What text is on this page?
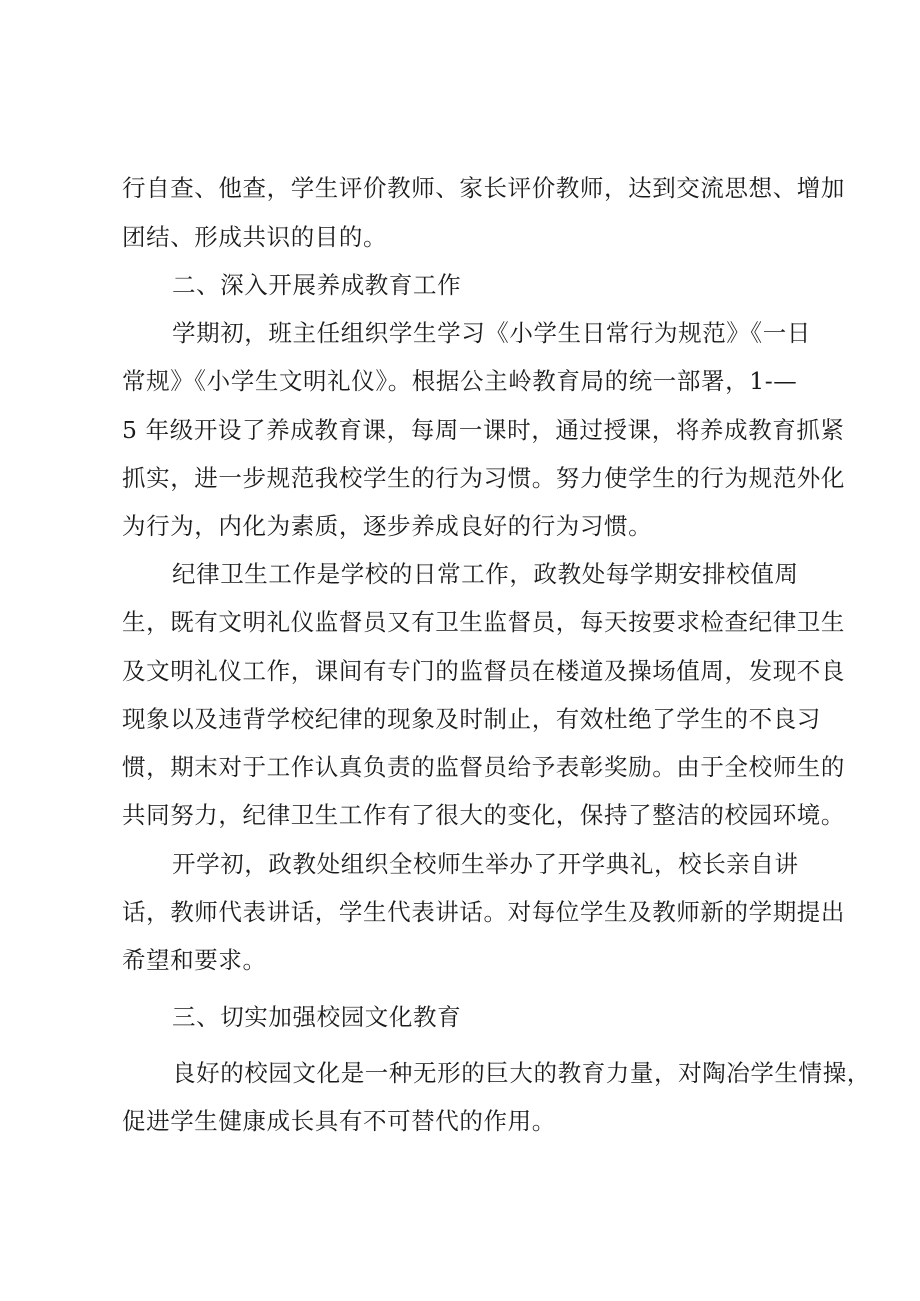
行自查、他查，学生评价教师、家长评价教师，达到交流思想、增加
团结、形成共识的目的。
二、深入开展养成教育工作
学期初，班主任组织学生学习《小学生日常行为规范》《一日
常规》《小学生文明礼仪》。根据公主岭教育局的统一部署，1-—
5 年级开设了养成教育课，每周一课时，通过授课，将养成教育抓紧
抓实，进一步规范我校学生的行为习惯。努力使学生的行为规范外化
为行为，内化为素质，逐步养成良好的行为习惯。
纪律卫生工作是学校的日常工作，政教处每学期安排校值周
生，既有文明礼仪监督员又有卫生监督员，每天按要求检查纪律卫生
及文明礼仪工作，课间有专门的监督员在楼道及操场值周，发现不良
现象以及违背学校纪律的现象及时制止，有效杜绝了学生的不良习
惯，期末对于工作认真负责的监督员给予表彰奖励。由于全校师生的
共同努力，纪律卫生工作有了很大的变化，保持了整洁的校园环境。
开学初，政教处组织全校师生举办了开学典礼，校长亲自讲
话，教师代表讲话，学生代表讲话。对每位学生及教师新的学期提出
希望和要求。
三、切实加强校园文化教育
良好的校园文化是一种无形的巨大的教育力量，对陶冶学生情操，
促进学生健康成长具有不可替代的作用。
